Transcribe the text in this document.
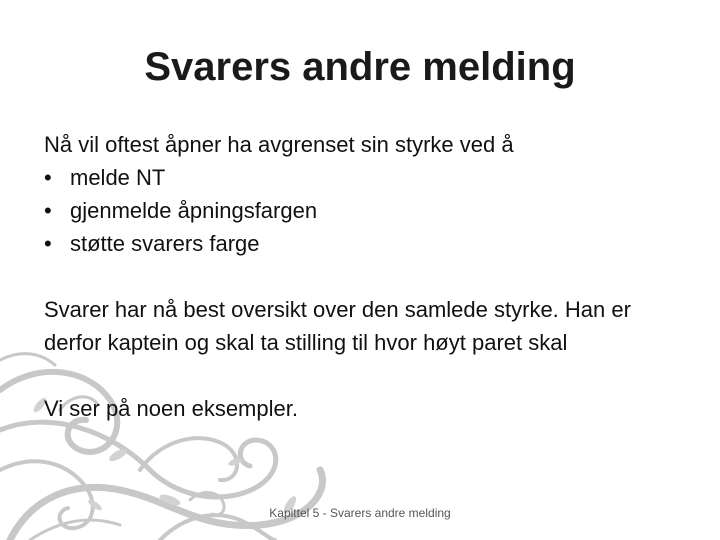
Svarers andre melding

Nå vil oftest åpner ha avgrenset sin styrke ved å

• melde NT
• gjenmelde åpningsfargen
• støtte svarers farge

Svarer har nå best oversikt over den samlede styrke. Han er derfor kaptein og skal ta stilling til hvor høyt paret skal

Vi ser på noen eksempler.

Kapittel 5 - Svarers andre melding
